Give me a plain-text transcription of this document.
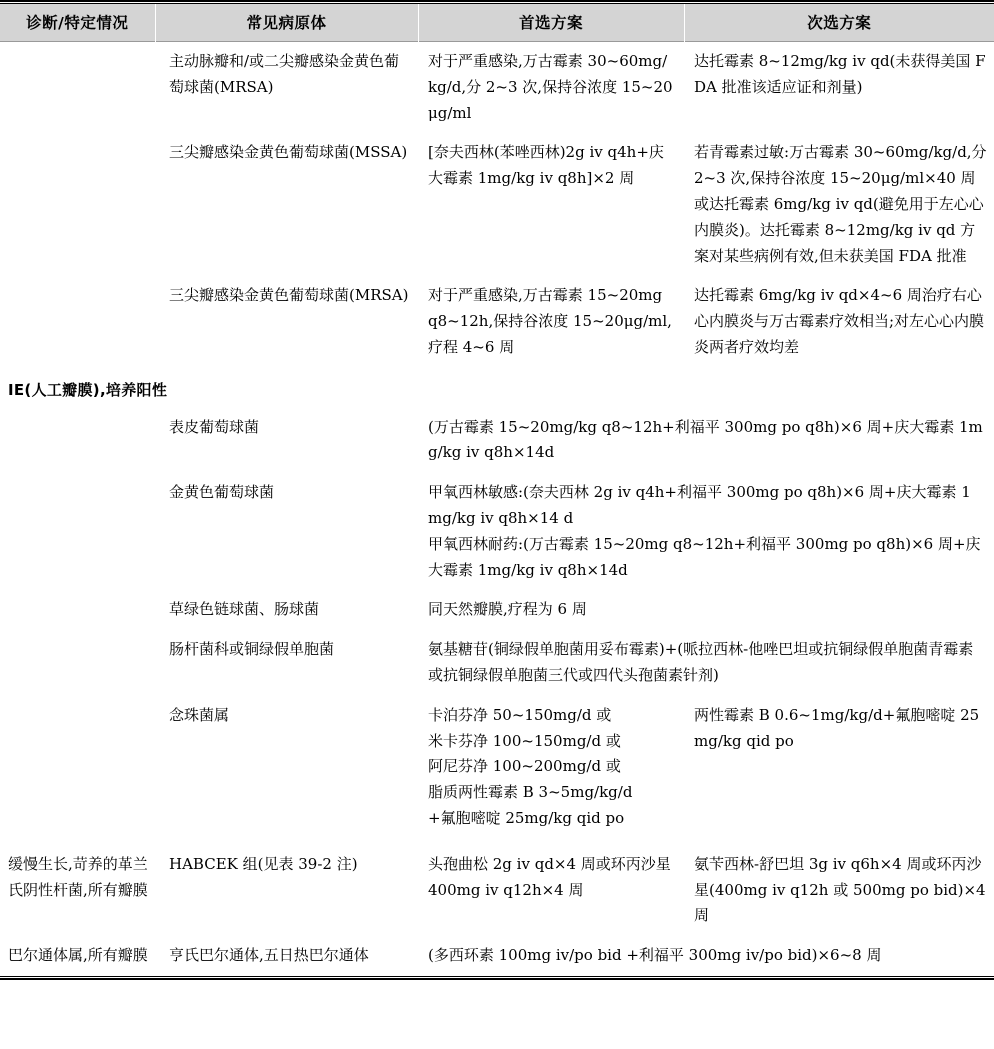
诊断/特定情况	常见病原体	首选方案	次选方案
	主动脉瓣和/或二尖瓣感染金黄色葡萄球菌(MRSA)	对于严重感染,万古霉素 30~60mg/kg/d,分 2~3 次,保持谷浓度 15~20μg/ml	达托霉素 8~12mg/kg iv qd(未获得美国 FDA 批准该适应证和剂量)
	三尖瓣感染金黄色葡萄球菌(MSSA)	[奈夫西林(苯唑西林)2g iv q4h+庆大霉素 1mg/kg iv q8h]×2 周	若青霉素过敏:万古霉素 30~60mg/kg/d,分 2~3 次,保持谷浓度 15~20μg/ml×40 周或达托霉素 6mg/kg iv qd(避免用于左心心内膜炎)。达托霉素 8~12mg/kg iv qd 方案对某些病例有效,但未获美国 FDA 批准
	三尖瓣感染金黄色葡萄球菌(MRSA)	对于严重感染,万古霉素 15~20mg q8~12h,保持谷浓度 15~20μg/ml,疗程 4~6 周	达托霉素 6mg/kg iv qd×4~6 周治疗右心心内膜炎与万古霉素疗效相当;对左心心内膜炎两者疗效均差
IE(人工瓣膜),培养阳性			
	表皮葡萄球菌	(万古霉素 15~20mg/kg q8~12h+利福平 300mg po q8h)×6 周+庆大霉素 1mg/kg iv q8h×14d	
	金黄色葡萄球菌	甲氧西林敏感:(奈夫西林 2g iv q4h+利福平 300mg po q8h)×6 周+庆大霉素 1mg/kg iv q8h×14 d

甲氧西林耐药:(万古霉素 15~20mg q8~12h+利福平 300mg po q8h)×6 周+庆大霉素 1mg/kg iv q8h×14d	

	草绿色链球菌、肠球菌	同天然瓣膜,疗程为 6 周	
	肠杆菌科或铜绿假单胞菌	氨基糖苷(铜绿假单胞菌用妥布霉素)+(哌拉西林-他唑巴坦或抗铜绿假单胞菌青霉素或抗铜绿假单胞菌三代或四代头孢菌素针剂)	
	念珠菌属	卡泊芬净 50~150mg/d 或

米卡芬净 100~150mg/d 或

阿尼芬净 100~200mg/d 或

脂质两性霉素 B 3~5mg/kg/d

+氟胞嘧啶 25mg/kg qid po	两性霉素 B 0.6~1mg/kg/d+氟胞嘧啶 25mg/kg qid po

缓慢生长,苛养的革兰氏阴性杆菌,所有瓣膜	HABCEK 组(见表 39-2 注)	头孢曲松 2g iv qd×4 周或环丙沙星 400mg iv q12h×4 周	氨苄西林-舒巴坦 3g iv q6h×4 周或环丙沙星(400mg iv q12h 或 500mg po bid)×4 周
巴尔通体属,所有瓣膜	亨氏巴尔通体,五日热巴尔通体	(多西环素 100mg iv/po bid +利福平 300mg iv/po bid)×6~8 周	
